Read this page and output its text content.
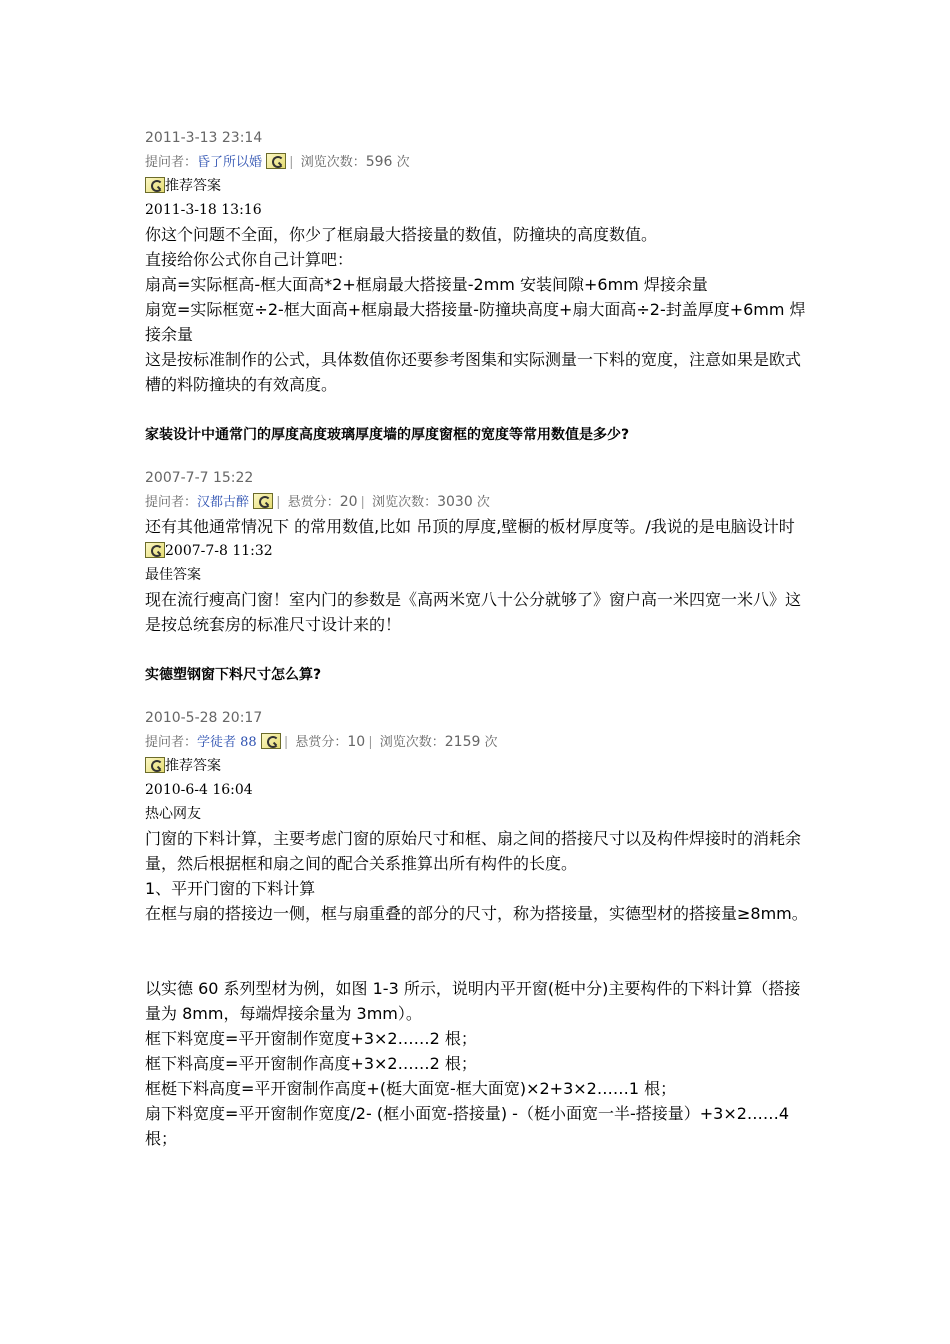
2011-3-13 23:14
提问者：昏了所以婚 | 浏览次数：596 次
推荐答案
2011-3-18 13:16

你这个问题不全面，你少了框扇最大搭接量的数值，防撞块的高度数值。

直接给你公式你自己计算吧：

扇高=实际框高-框大面高*2+框扇最大搭接量-2mm 安装间隙+6mm 焊接余量

扇宽=实际框宽÷2-框大面高+框扇最大搭接量-防撞块高度+扇大面高÷2-封盖厚度+6mm 焊接余量

这是按标准制作的公式，具体数值你还要参考图集和实际测量一下料的宽度，注意如果是欧式槽的料防撞块的有效高度。

家装设计中通常门的厚度高度玻璃厚度墙的厚度窗框的宽度等常用数值是多少?
2007-7-7 15:22
提问者：汉都古醉 | 悬赏分：20 | 浏览次数：3030 次

还有其他通常情况下 的常用数值,比如 吊顶的厚度,壁橱的板材厚度等。/我说的是电脑设计时

2007-7-8 11:32
最佳答案

现在流行瘦高门窗！室内门的参数是《高两米宽八十公分就够了》窗户高一米四宽一米八》这是按总统套房的标准尺寸设计来的！

实德塑钢窗下料尺寸怎么算?
2010-5-28 20:17
提问者：学徒者 88 | 悬赏分：10 | 浏览次数：2159 次
推荐答案
2010-6-4 16:04
热心网友

门窗的下料计算，主要考虑门窗的原始尺寸和框、扇之间的搭接尺寸以及构件焊接时的消耗余量，然后根据框和扇之间的配合关系推算出所有构件的长度。

1、平开门窗的下料计算

在框与扇的搭接边一侧，框与扇重叠的部分的尺寸，称为搭接量，实德型材的搭接量≥8mm。

以实德 60 系列型材为例，如图 1-3 所示，说明内平开窗(梃中分)主要构件的下料计算（搭接量为 8mm，每端焊接余量为 3mm）。

框下料宽度=平开窗制作宽度+3×2……2 根；

框下料高度=平开窗制作高度+3×2……2 根；

框梃下料高度=平开窗制作高度+(梃大面宽-框大面宽)×2+3×2……1 根；

扇下料宽度=平开窗制作宽度/2- (框小面宽-搭接量) -（梃小面宽一半-搭接量）+3×2……4 根；
